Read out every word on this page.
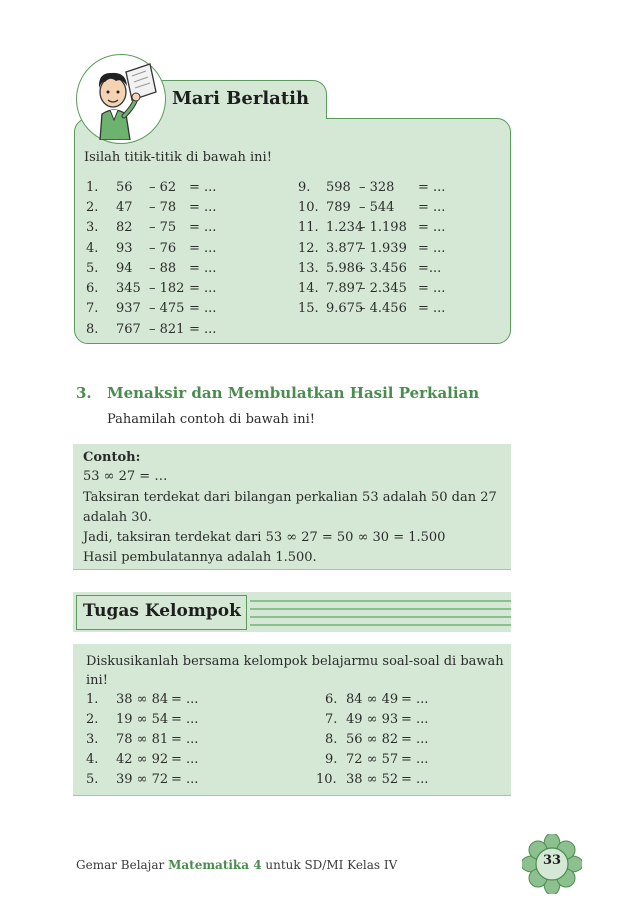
Mari Berlatih
Isilah titik-titik di bawah ini!
1. 56 – 62 = ...
2. 47 – 78 = ...
3. 82 – 75 = ...
4. 93 – 76 = ...
5. 94 – 88 = ...
6. 345 – 182 = ...
7. 937 – 475 = ...
8. 767 – 821 = ...
9. 598 – 328 = ...
10. 789 – 544 = ...
11. 1.234
– 1.198 = ...
12. 3.877
– 1.939 = ...
13. 5.986
– 3.456 =...
14. 7.897
– 2.345 = ...
15. 9.675
– 4.456 = ...
3. Menaksir dan Membulatkan Hasil Perkalian
Pahamilah contoh di bawah ini!
Contoh:
53 ∞ 27 = …
Taksiran terdekat dari bilangan perkalian 53 adalah 50 dan 27
adalah 30.
Jadi, taksiran terdekat dari 53 ∞ 27 = 50 ∞ 30 = 1.500
Hasil pembulatannya adalah 1.500.
Tugas Kelompok
Diskusikanlah bersama kelompok belajarmu soal-soal di bawah
ini!
1. 38 ∞ 84 = ...
2. 19 ∞ 54 = ...
3. 78 ∞ 81 = ...
4. 42 ∞ 92 = ...
5. 39 ∞ 72 = ...
6. 84 ∞ 49 = ...
7. 49 ∞ 93 = ...
8. 56 ∞ 82 = ...
9. 72 ∞ 57 = ...
10. 38 ∞ 52 = ...
Gemar Belajar Matematika 4 untuk SD/MI Kelas IV	33
